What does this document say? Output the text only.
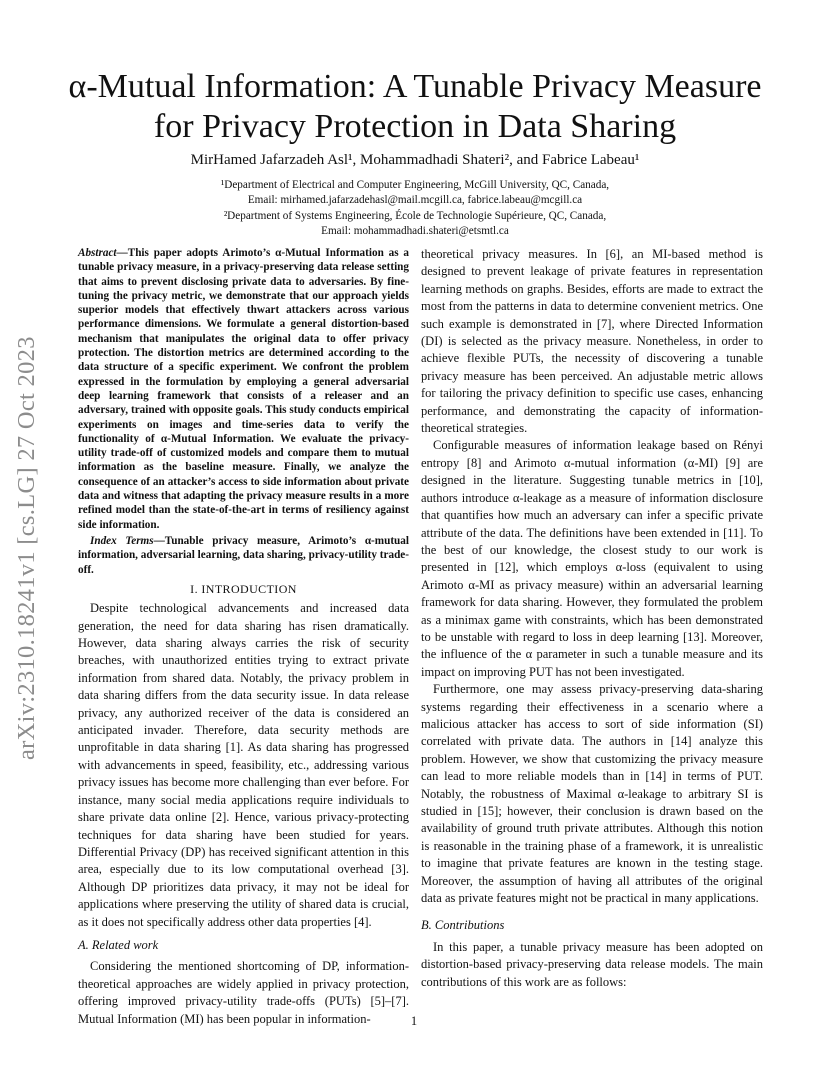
arXiv:2310.18241v1 [cs.LG] 27 Oct 2023
α-Mutual Information: A Tunable Privacy Measure
for Privacy Protection in Data Sharing
MirHamed Jafarzadeh Asl¹, Mohammadhadi Shateri², and Fabrice Labeau¹
¹Department of Electrical and Computer Engineering, McGill University, QC, Canada,
Email: mirhamed.jafarzadehasl@mail.mcgill.ca, fabrice.labeau@mcgill.ca
²Department of Systems Engineering, École de Technologie Supérieure, QC, Canada,
Email: mohammadhadi.shateri@etsmtl.ca

Abstract—This paper adopts Arimoto’s α-Mutual Information as a tunable privacy measure, in a privacy-preserving data release setting that aims to prevent disclosing private data to adversaries. By fine-tuning the privacy metric, we demonstrate that our approach yields superior models that effectively thwart attackers across various performance dimensions. We formulate a general distortion-based mechanism that manipulates the original data to offer privacy protection. The distortion metrics are determined according to the data structure of a specific experiment. We confront the problem expressed in the formulation by employing a general adversarial deep learning framework that consists of a releaser and an adversary, trained with opposite goals. This study conducts empirical experiments on images and time-series data to verify the functionality of α-Mutual Information. We evaluate the privacy-utility trade-off of customized models and compare them to mutual information as the baseline measure. Finally, we analyze the consequence of an attacker’s access to side information about private data and witness that adapting the privacy measure results in a more refined model than the state-of-the-art in terms of resiliency against side information.

Index Terms—Tunable privacy measure, Arimoto’s α-mutual information, adversarial learning, data sharing, privacy-utility trade-off.

I. INTRODUCTION

Despite technological advancements and increased data generation, the need for data sharing has risen dramatically. However, data sharing always carries the risk of security breaches, with unauthorized entities trying to extract private information from shared data. Notably, the privacy problem in data sharing differs from the data security issue. In data release privacy, any authorized receiver of the data is considered an anticipated invader. Therefore, data security methods are unprofitable in data sharing [1]. As data sharing has progressed with advancements in speed, feasibility, etc., addressing various privacy issues has become more challenging than ever before. For instance, many social media applications require individuals to share private data online [2]. Hence, various privacy-protecting techniques for data sharing have been studied for years. Differential Privacy (DP) has received significant attention in this area, especially due to its low computational overhead [3]. Although DP prioritizes data privacy, it may not be ideal for applications where preserving the utility of shared data is crucial, as it does not specifically address other data properties [4].

A. Related work

Considering the mentioned shortcoming of DP, information-theoretical approaches are widely applied in privacy protection, offering improved privacy-utility trade-offs (PUTs) [5]–[7]. Mutual Information (MI) has been popular in information-

theoretical privacy measures. In [6], an MI-based method is designed to prevent leakage of private features in representation learning methods on graphs. Besides, efforts are made to extract the most from the patterns in data to determine convenient metrics. One such example is demonstrated in [7], where Directed Information (DI) is selected as the privacy measure. Nonetheless, in order to achieve flexible PUTs, the necessity of discovering a tunable privacy measure has been perceived. An adjustable metric allows for tailoring the privacy definition to specific use cases, enhancing performance, and demonstrating the capacity of information-theoretical strategies.

Configurable measures of information leakage based on Rényi entropy [8] and Arimoto α-mutual information (α-MI) [9] are designed in the literature. Suggesting tunable metrics in [10], authors introduce α-leakage as a measure of information disclosure that quantifies how much an adversary can infer a specific private attribute of the data. The definitions have been extended in [11]. To the best of our knowledge, the closest study to our work is presented in [12], which employs α-loss (equivalent to using Arimoto α-MI as privacy measure) within an adversarial learning framework for data sharing. However, they formulated the problem as a minimax game with constraints, which has been demonstrated to be unstable with regard to loss in deep learning [13]. Moreover, the influence of the α parameter in such a tunable measure and its impact on improving PUT has not been investigated.

Furthermore, one may assess privacy-preserving data-sharing systems regarding their effectiveness in a scenario where a malicious attacker has access to sort of side information (SI) correlated with private data. The authors in [14] analyze this problem. However, we show that customizing the privacy measure can lead to more reliable models than in [14] in terms of PUT. Notably, the robustness of Maximal α-leakage to arbitrary SI is studied in [15]; however, their conclusion is drawn based on the availability of ground truth private attributes. Although this notion is reasonable in the training phase of a framework, it is unrealistic to imagine that private features are known in the testing stage. Moreover, the assumption of having all attributes of the original data as private features might not be practical in many applications.

B. Contributions

In this paper, a tunable privacy measure has been adopted on distortion-based privacy-preserving data release models. The main contributions of this work are as follows:

1
